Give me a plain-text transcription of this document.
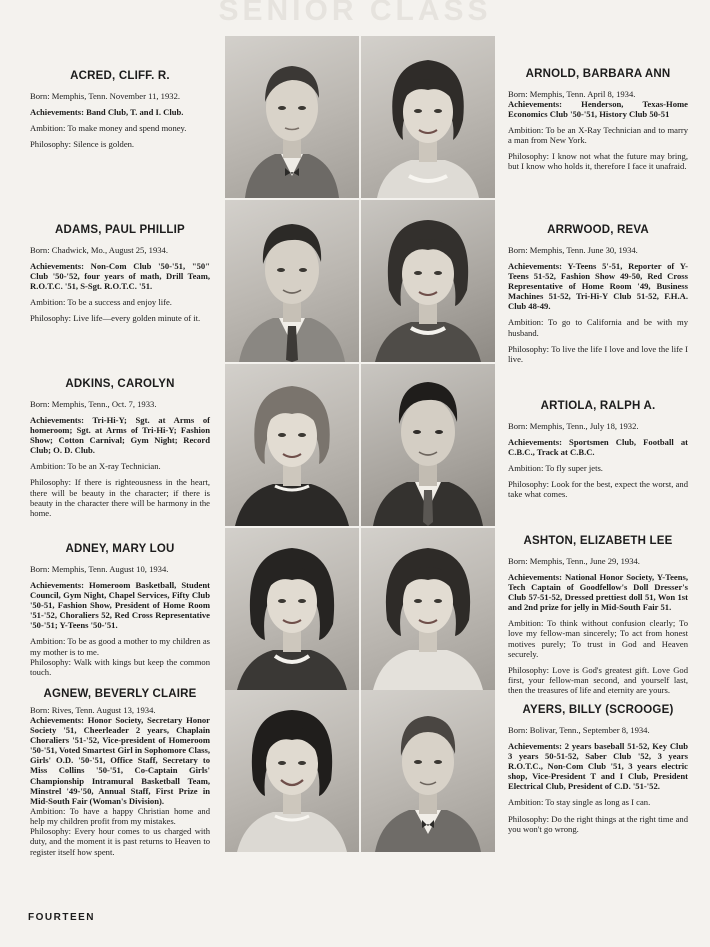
SENIOR CLASS
ACRED, CLIFF. R.

Born: Memphis, Tenn. November 11, 1932.

Achievements: Band Club, T. and I. Club.

Ambition: To make money and spend money.

Philosophy: Silence is golden.

ADAMS, PAUL PHILLIP

Born: Chadwick, Mo., August 25, 1934.

Achievements: Non-Com Club '50-'51, "50" Club '50-'52, four years of math, Drill Team, R.O.T.C. '51, S-Sgt. R.O.T.C. '51.

Ambition: To be a success and enjoy life.

Philosophy: Live life—every golden minute of it.

ADKINS, CAROLYN

Born: Memphis, Tenn., Oct. 7, 1933.

Achievements: Tri-Hi-Y; Sgt. at Arms of homeroom; Sgt. at Arms of Tri-Hi-Y; Fashion Show; Cotton Carnival; Gym Night; Record Club; O. D. Club.

Ambition: To be an X-ray Technician.

Philosophy: If there is righteousness in the heart, there will be beauty in the character; if there is beauty in the character there will be harmony in the home.

ADNEY, MARY LOU

Born: Memphis, Tenn. August 10, 1934.

Achievements: Homeroom Basketball, Student Council, Gym Night, Chapel Services, Fifty Club '50-51, Fashion Show, President of Home Room '51-'52, Choraliers 52, Red Cross Representative '50-'51; Y-Teens '50-'51.

Ambition: To be as good a mother to my children as my mother is to me.

Philosophy: Walk with kings but keep the common touch.

AGNEW, BEVERLY CLAIRE

Born: Rives, Tenn. August 13, 1934.

Achievements: Honor Society, Secretary Honor Society '51, Cheerleader 2 years, Chaplain Choraliers '51-'52, Vice-president of Homeroom '50-'51, Voted Smartest Girl in Sophomore Class, Girls' O.D. '50-'51, Office Staff, Secretary to Miss Collins '50-'51, Co-Captain Girls' Championship Intramural Basketball Team, Minstrel '49-'50, Annual Staff, First Prize in Mid-South Fair (Woman's Division).

Ambition: To have a happy Christian home and help my children profit from my mistakes.

Philosophy: Every hour comes to us charged with duty, and the moment it is past returns to Heaven to register itself how spent.

ARNOLD, BARBARA ANN

Born: Memphis, Tenn. April 8, 1934.

Achievements: Henderson, Texas-Home Economics Club '50-'51, History Club 50-51

Ambition: To be an X-Ray Technician and to marry a man from New York.

Philosophy: I know not what the future may bring, but I know who holds it, therefore I face it unafraid.

ARRWOOD, REVA

Born: Memphis, Tenn. June 30, 1934.

Achievements: Y-Teens 5'-51, Reporter of Y-Teens 51-52, Fashion Show 49-50, Red Cross Representative of Home Room '49, Business Machines 51-52, Tri-Hi-Y Club 51-52, F.H.A. Club 48-49.

Ambition: To go to California and be with my husband.

Philosophy: To live the life I love and love the life I live.

ARTIOLA, RALPH A.

Born: Memphis, Tenn., July 18, 1932.

Achievements: Sportsmen Club, Football at C.B.C., Track at C.B.C.

Ambition: To fly super jets.

Philosophy: Look for the best, expect the worst, and take what comes.

ASHTON, ELIZABETH LEE

Born: Memphis, Tenn., June 29, 1934.

Achievements: National Honor Society, Y-Teens, Tech Captain of Goodfellow's Doll Dresser's Club 57-51-52, Dressed prettiest doll 51, Won 1st and 2nd prize for jelly in Mid-South Fair 51.

Ambition: To think without confusion clearly; To love my fellow-man sincerely; To act from honest motives purely; To trust in God and Heaven securely.

Philosophy: Love is God's greatest gift. Love God first, your fellow-man second, and yourself last, then the treasures of life and eternity are yours.

AYERS, BILLY (SCROOGE)

Born: Bolivar, Tenn., September 8, 1934.

Achievements: 2 years baseball 51-52, Key Club 3 years 50-51-52, Saber Club '52, 3 years R.O.T.C., Non-Com Club '51, 3 years electric shop, Vice-President T and I Club, President Electrical Club, President of C.D. '51-'52.

Ambition: To stay single as long as I can.

Philosophy: Do the right things at the right time and you won't go wrong.

FOURTEEN
